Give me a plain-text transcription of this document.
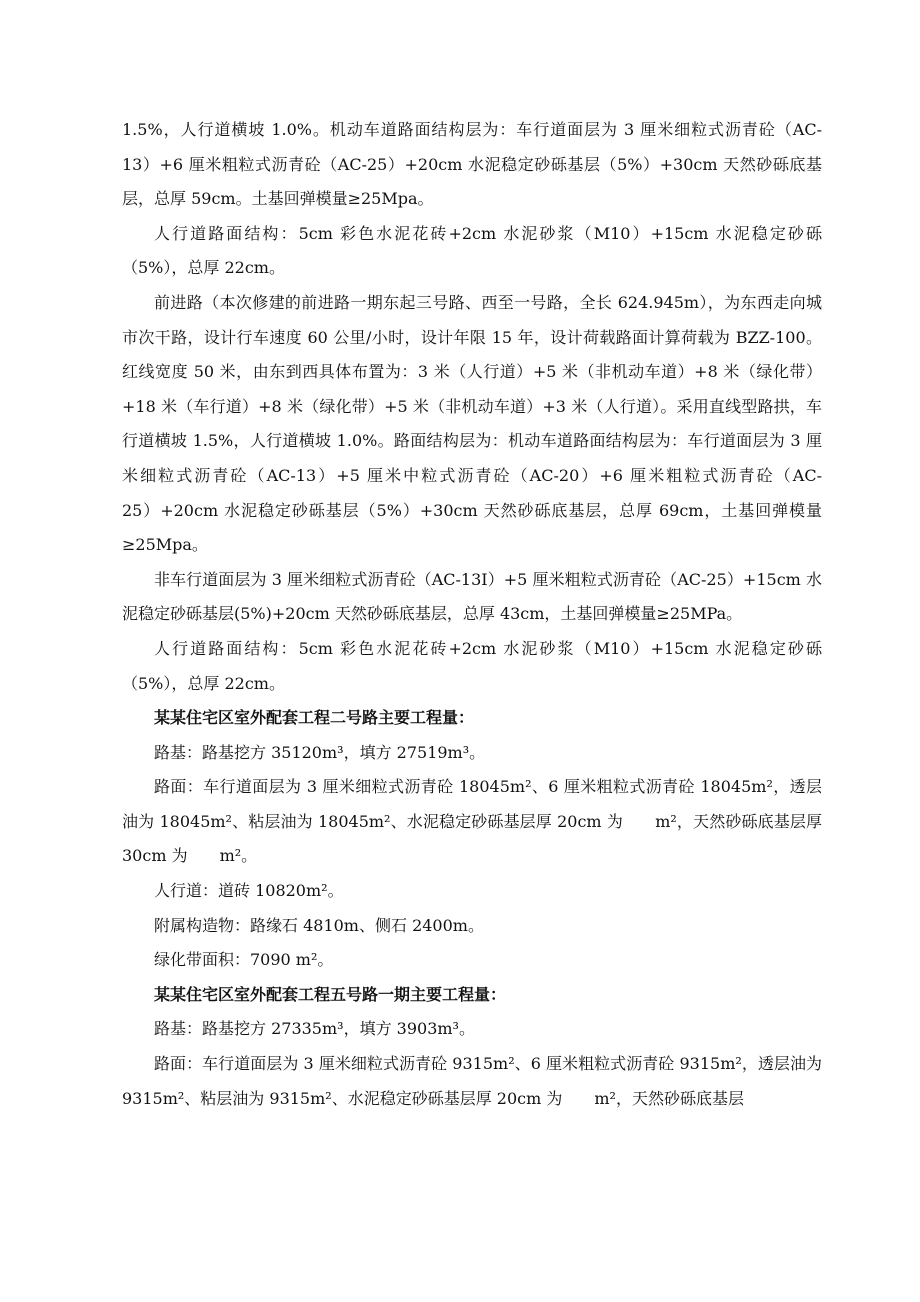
1.5%，人行道横坡 1.0%。机动车道路面结构层为：车行道面层为 3 厘米细粒式沥青砼（AC-13）+6 厘米粗粒式沥青砼（AC-25）+20cm 水泥稳定砂砾基层（5%）+30cm 天然砂砾底基层，总厚 59cm。土基回弹模量≥25Mpa。

人行道路面结构：5cm 彩色水泥花砖+2cm 水泥砂浆（M10）+15cm 水泥稳定砂砾（5%），总厚 22cm。

前进路（本次修建的前进路一期东起三号路、西至一号路，全长 624.945m），为东西走向城市次干路，设计行车速度 60 公里/小时，设计年限 15 年，设计荷载路面计算荷载为 BZZ-100。红线宽度 50 米，由东到西具体布置为：3 米（人行道）+5 米（非机动车道）+8 米（绿化带）+18 米（车行道）+8 米（绿化带）+5 米（非机动车道）+3 米（人行道）。采用直线型路拱，车行道横坡 1.5%，人行道横坡 1.0%。路面结构层为：机动车道路面结构层为：车行道面层为 3 厘米细粒式沥青砼（AC-13）+5 厘米中粒式沥青砼（AC-20）+6 厘米粗粒式沥青砼（AC-25）+20cm 水泥稳定砂砾基层（5%）+30cm 天然砂砾底基层，总厚 69cm，土基回弹模量≥25Mpa。

非车行道面层为 3 厘米细粒式沥青砼（AC-13I）+5 厘米粗粒式沥青砼（AC-25）+15cm 水泥稳定砂砾基层(5%)+20cm 天然砂砾底基层，总厚 43cm，土基回弹模量≥25MPa。

人行道路面结构：5cm 彩色水泥花砖+2cm 水泥砂浆（M10）+15cm 水泥稳定砂砾（5%），总厚 22cm。

某某住宅区室外配套工程二号路主要工程量：

路基：路基挖方 35120m³，填方 27519m³。

路面：车行道面层为 3 厘米细粒式沥青砼 18045m²、6 厘米粗粒式沥青砼 18045m²，透层油为 18045m²、粘层油为 18045m²、水泥稳定砂砾基层厚 20cm 为　　m²，天然砂砾底基层厚 30cm 为　　m²。

人行道：道砖 10820m²。

附属构造物：路缘石 4810m、侧石 2400m。

绿化带面积：7090 m²。

某某住宅区室外配套工程五号路一期主要工程量：

路基：路基挖方 27335m³，填方 3903m³。

路面：车行道面层为 3 厘米细粒式沥青砼 9315m²、6 厘米粗粒式沥青砼 9315m²，透层油为 9315m²、粘层油为 9315m²、水泥稳定砂砾基层厚 20cm 为　　m²，天然砂砾底基层
